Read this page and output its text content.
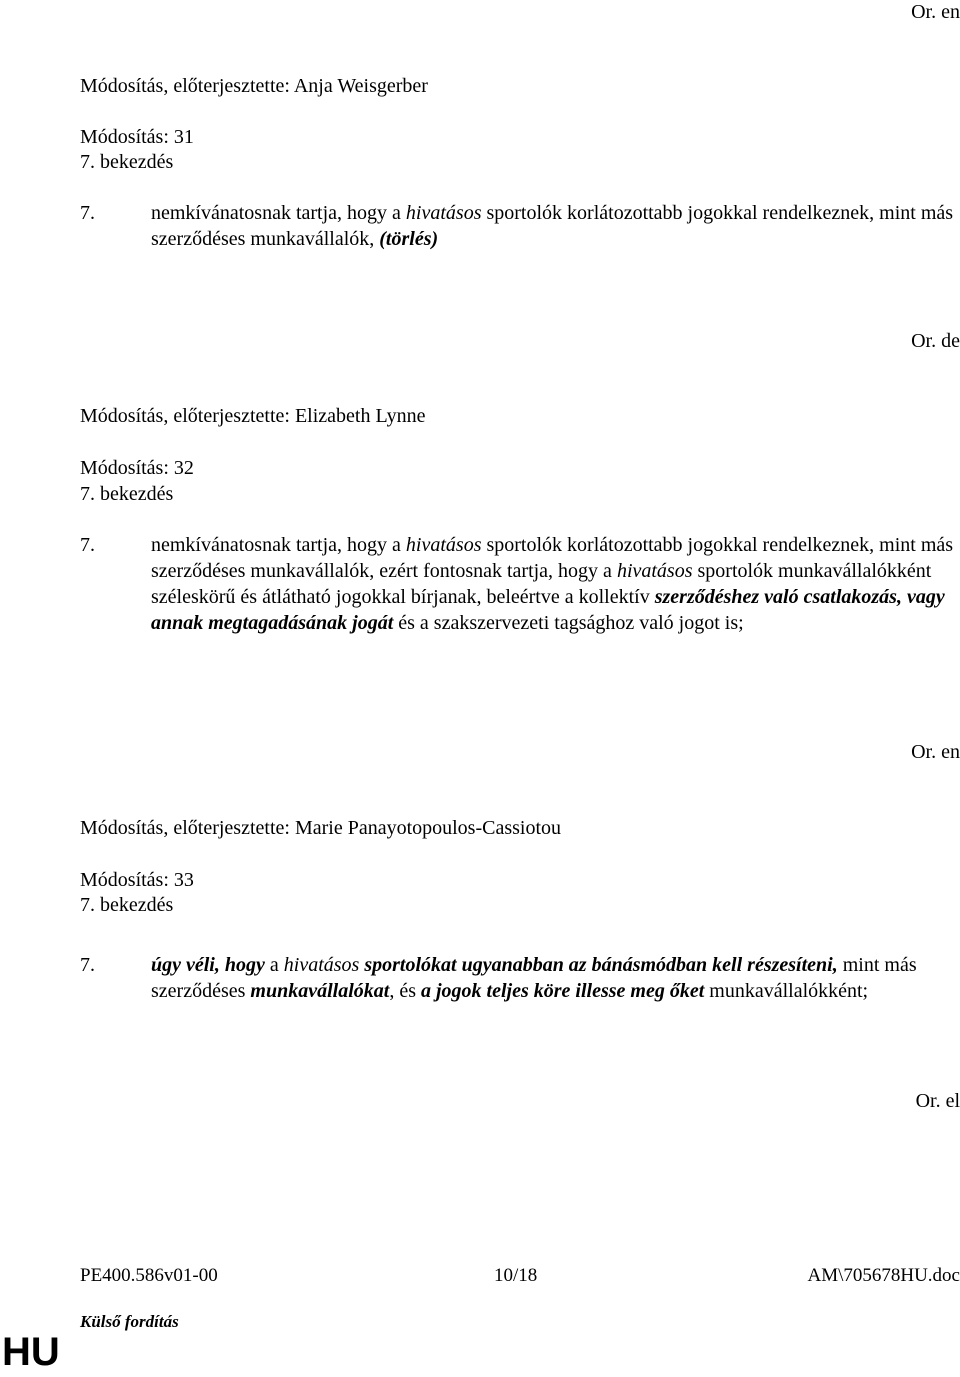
Or. en
Módosítás, előterjesztette: Anja Weisgerber
Módosítás: 31
7. bekezdés
7.	nemkívánatosnak tartja, hogy a hivatásos sportolók korlátozottabb jogokkal rendelkeznek, mint más szerződéses munkavállalók, (törlés)
Or. de
Módosítás, előterjesztette: Elizabeth Lynne
Módosítás: 32
7. bekezdés
7.	nemkívánatosnak tartja, hogy a hivatásos sportolók korlátozottabb jogokkal rendelkeznek, mint más szerződéses munkavállalók, ezért fontosnak tartja, hogy a hivatásos sportolók munkavállalókként széleskörű és átlátható jogokkal bírjanak, beleértve a kollektív szerződéshez való csatlakozás, vagy annak megtagadásának jogát és a szakszervezeti tagsághoz való jogot is;
Or. en
Módosítás, előterjesztette: Marie Panayotopoulos-Cassiotou
Módosítás: 33
7. bekezdés
7.	úgy véli, hogy a hivatásos sportolókat ugyanabban az bánásmódban kell részesíteni, mint más szerződéses munkavállalókat, és a jogok teljes köre illesse meg őket munkavállalókként;
Or. el
PE400.586v01-00	10/18	AM\705678HU.doc
Külső fordítás
HU
